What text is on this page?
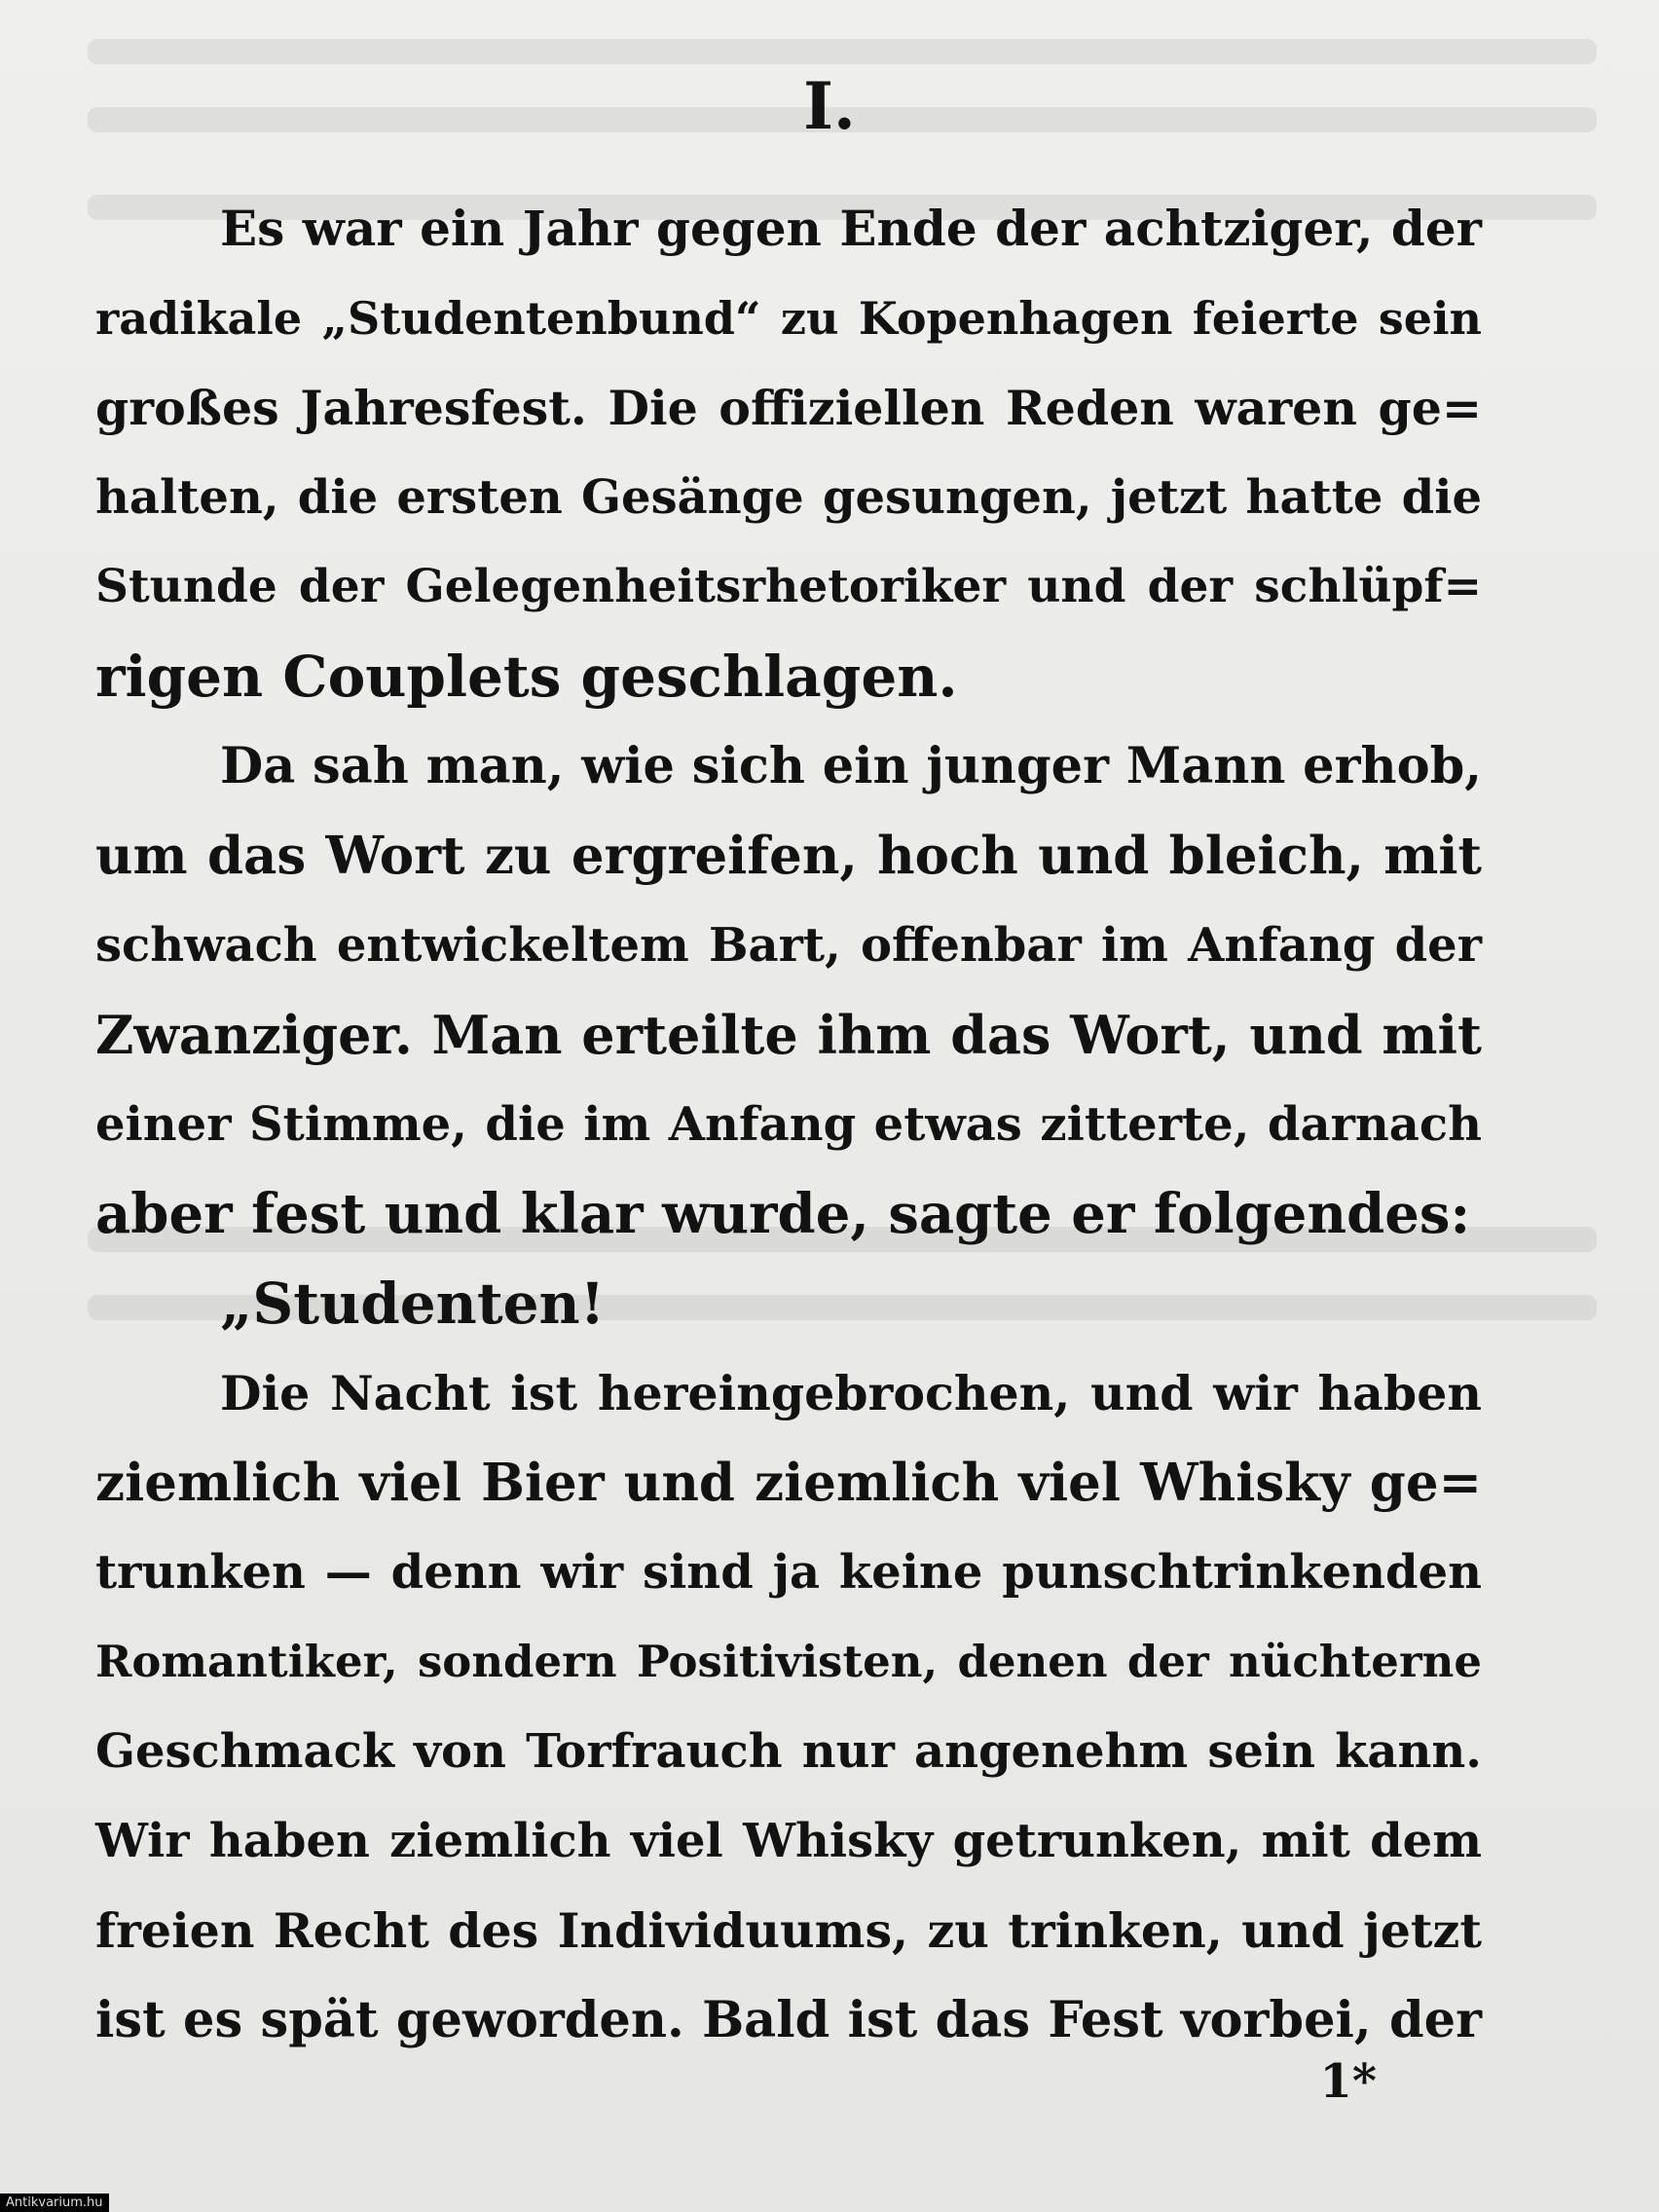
I.
Es war ein Jahr gegen Ende der achtziger, der
radikale „Studentenbund“ zu Kopenhagen feierte sein
großes Jahresfest. Die offiziellen Reden waren ge=
halten, die ersten Gesänge gesungen, jetzt hatte die
Stunde der Gelegenheitsrhetoriker und der schlüpf=
rigen Couplets geschlagen.
Da sah man, wie sich ein junger Mann erhob,
um das Wort zu ergreifen, hoch und bleich, mit
schwach entwickeltem Bart, offenbar im Anfang der
Zwanziger. Man erteilte ihm das Wort, und mit
einer Stimme, die im Anfang etwas zitterte, darnach
aber fest und klar wurde, sagte er folgendes:
„Studenten!
Die Nacht ist hereingebrochen, und wir haben
ziemlich viel Bier und ziemlich viel Whisky ge=
trunken — denn wir sind ja keine punschtrinkenden
Romantiker, sondern Positivisten, denen der nüchterne
Geschmack von Torfrauch nur angenehm sein kann.
Wir haben ziemlich viel Whisky getrunken, mit dem
freien Recht des Individuums, zu trinken, und jetzt
ist es spät geworden. Bald ist das Fest vorbei, der
1*
Antikvarium.hu
